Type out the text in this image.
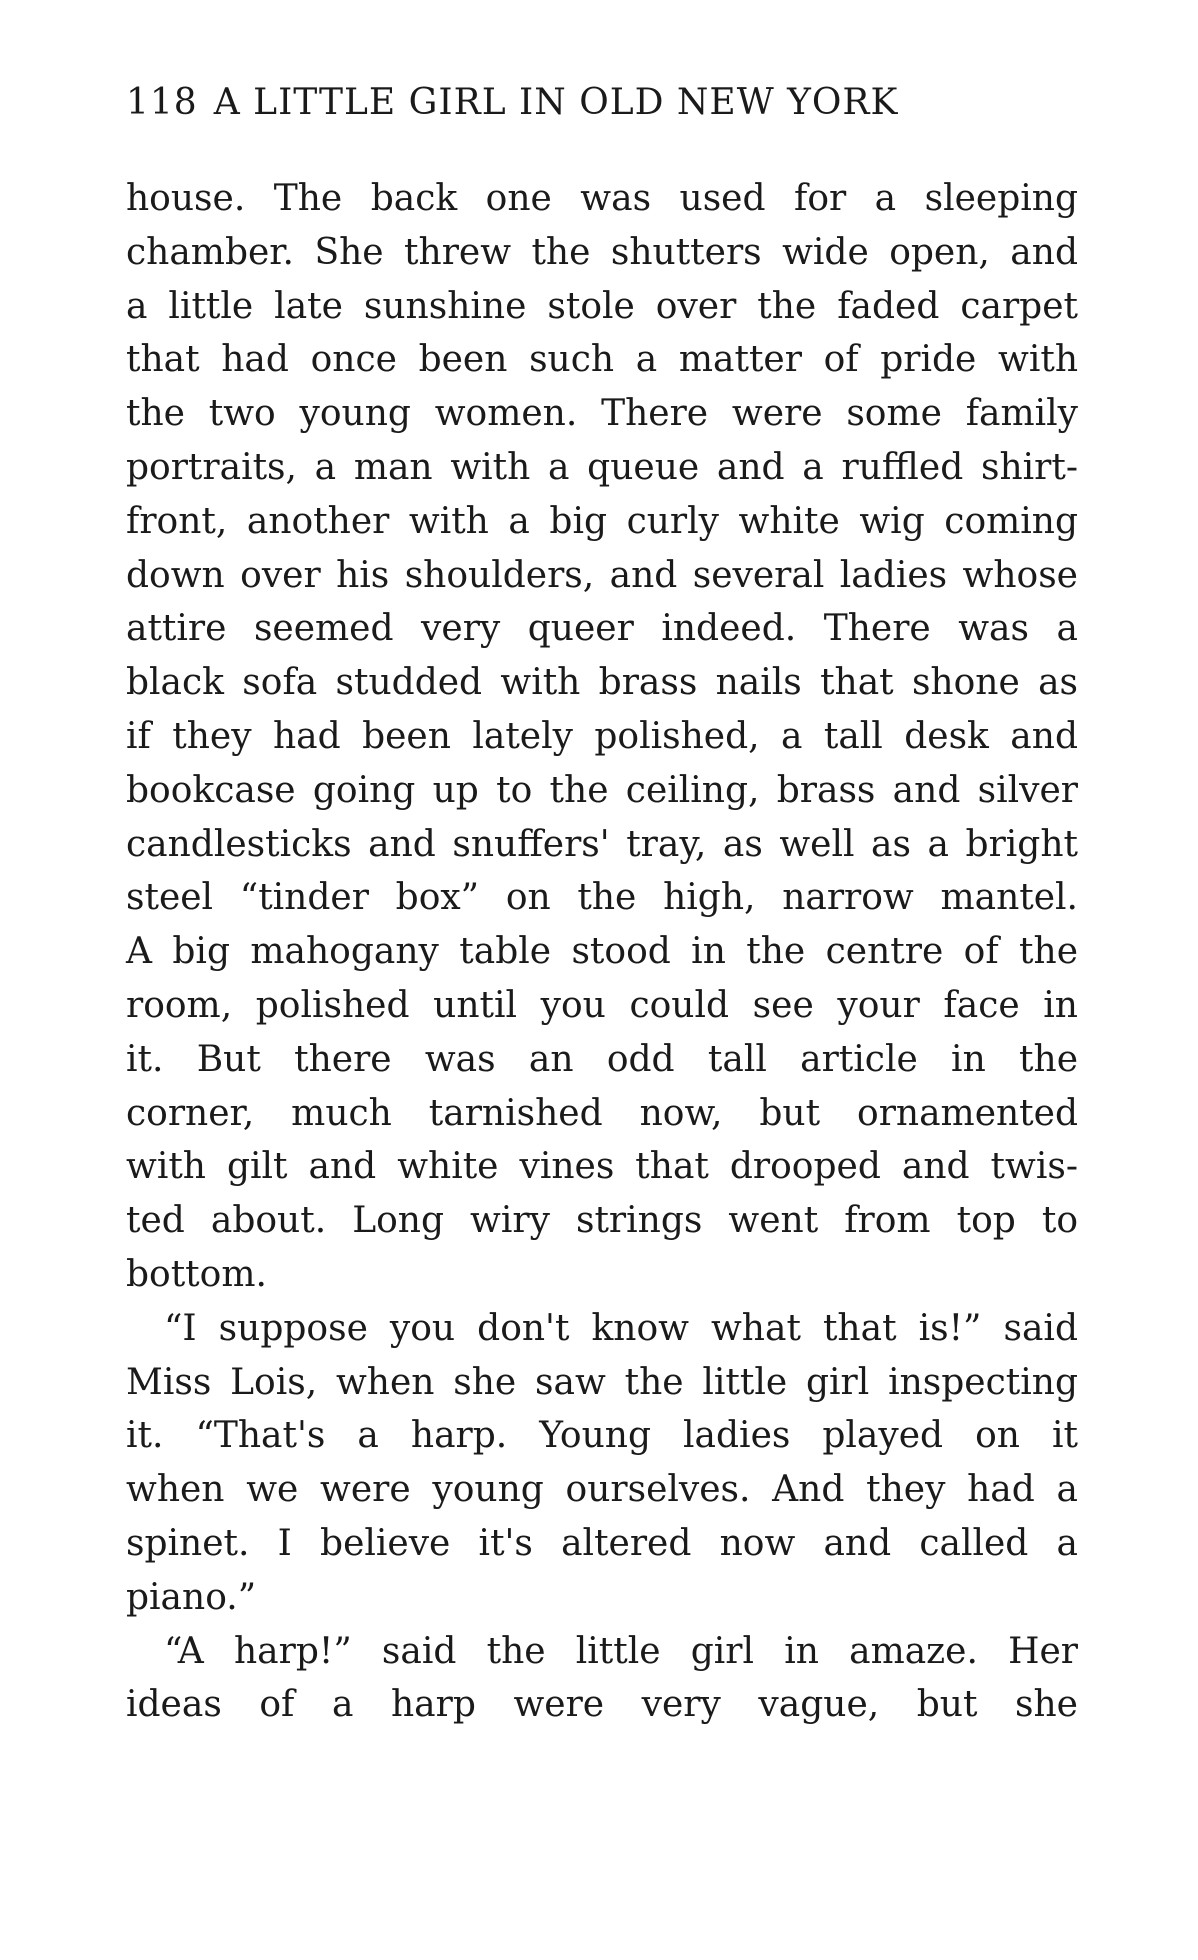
118 A LITTLE GIRL IN OLD NEW YORK
house. The back one was used for a sleeping
chamber. She threw the shutters wide open, and
a little late sunshine stole over the faded carpet
that had once been such a matter of pride with
the two young women. There were some family
portraits, a man with a queue and a ruffled shirt-
front, another with a big curly white wig coming
down over his shoulders, and several ladies whose
attire seemed very queer indeed. There was a
black sofa studded with brass nails that shone as
if they had been lately polished, a tall desk and
bookcase going up to the ceiling, brass and silver
candlesticks and snuffers' tray, as well as a bright
steel “tinder box” on the high, narrow mantel.
A big mahogany table stood in the centre of the
room, polished until you could see your face in
it. But there was an odd tall article in the
corner, much tarnished now, but ornamented
with gilt and white vines that drooped and twis-
ted about. Long wiry strings went from top to
bottom.
“I suppose you don't know what that is!” said
Miss Lois, when she saw the little girl inspecting
it. “That's a harp. Young ladies played on it
when we were young ourselves. And they had a
spinet. I believe it's altered now and called a
piano.”
“A harp!” said the little girl in amaze. Her
ideas of a harp were very vague, but she
